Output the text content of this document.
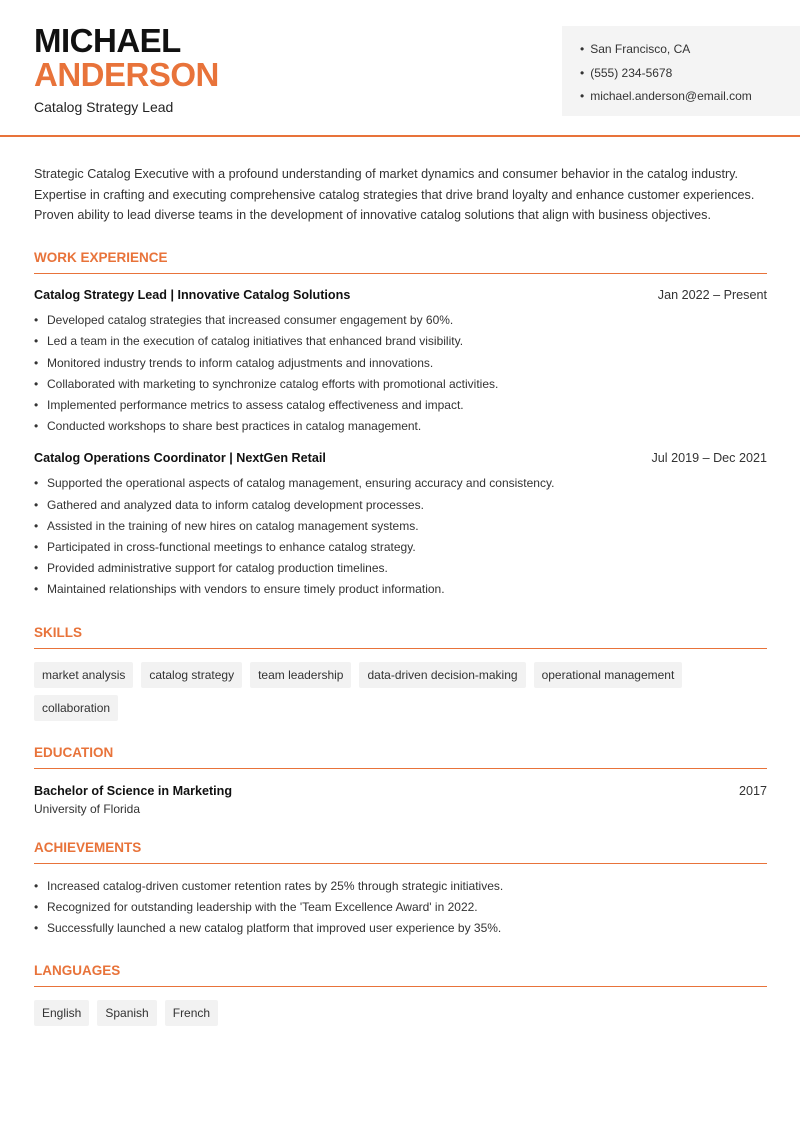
MICHAEL
ANDERSON
Catalog Strategy Lead
• San Francisco, CA
• (555) 234-5678
• michael.anderson@email.com

Strategic Catalog Executive with a profound understanding of market dynamics and consumer behavior in the catalog industry. Expertise in crafting and executing comprehensive catalog strategies that drive brand loyalty and enhance customer experiences. Proven ability to lead diverse teams in the development of innovative catalog solutions that align with business objectives.

WORK EXPERIENCE
Catalog Strategy Lead | Innovative Catalog Solutions	Jan 2022 – Present
• Developed catalog strategies that increased consumer engagement by 60%.
• Led a team in the execution of catalog initiatives that enhanced brand visibility.
• Monitored industry trends to inform catalog adjustments and innovations.
• Collaborated with marketing to synchronize catalog efforts with promotional activities.
• Implemented performance metrics to assess catalog effectiveness and impact.
• Conducted workshops to share best practices in catalog management.
Catalog Operations Coordinator | NextGen Retail	Jul 2019 – Dec 2021
• Supported the operational aspects of catalog management, ensuring accuracy and consistency.
• Gathered and analyzed data to inform catalog development processes.
• Assisted in the training of new hires on catalog management systems.
• Participated in cross-functional meetings to enhance catalog strategy.
• Provided administrative support for catalog production timelines.
• Maintained relationships with vendors to ensure timely product information.
SKILLS
market analysis	catalog strategy	team leadership	data-driven decision-making	operational management
collaboration
EDUCATION
Bachelor of Science in Marketing	2017
University of Florida
ACHIEVEMENTS
• Increased catalog-driven customer retention rates by 25% through strategic initiatives.
• Recognized for outstanding leadership with the 'Team Excellence Award' in 2022.
• Successfully launched a new catalog platform that improved user experience by 35%.
LANGUAGES
English	Spanish	French
